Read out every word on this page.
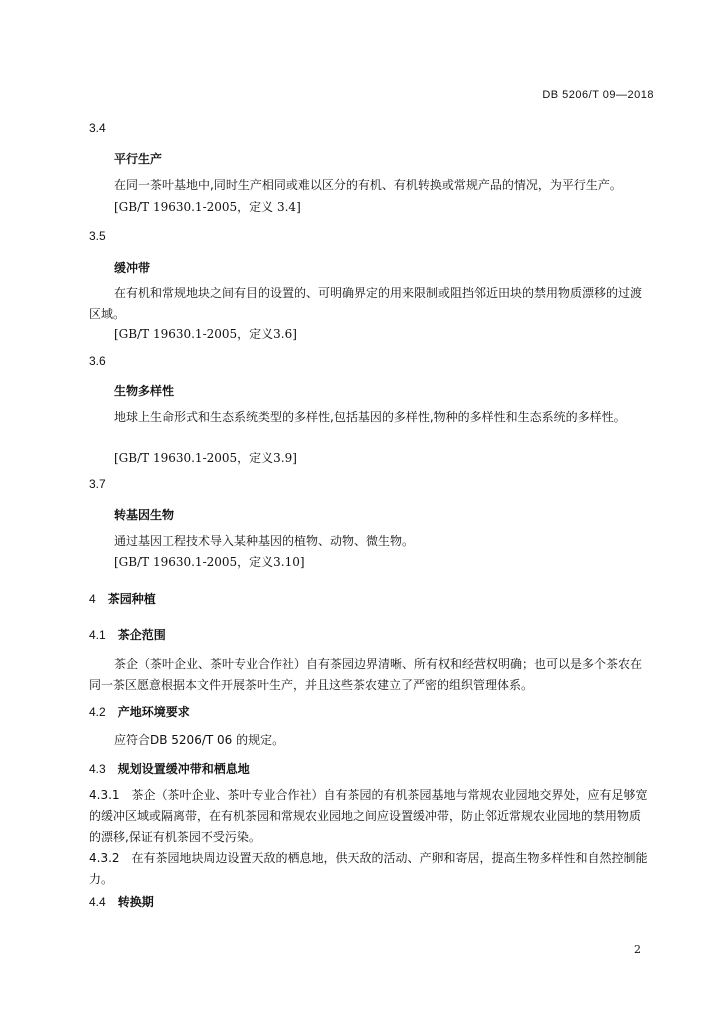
DB 5206/T 09—2018
3.4
平行生产
在同一茶叶基地中,同时生产相同或难以区分的有机、有机转换或常规产品的情况，为平行生产。
[GB/T 19630.1-2005，定义 3.4]
3.5
缓冲带
在有机和常规地块之间有目的设置的、可明确界定的用来限制或阻挡邻近田块的禁用物质漂移的过渡区域。
[GB/T 19630.1-2005，定义3.6]
3.6
生物多样性
地球上生命形式和生态系统类型的多样性,包括基因的多样性,物种的多样性和生态系统的多样性。
[GB/T 19630.1-2005，定义3.9]
3.7
转基因生物
通过基因工程技术导入某种基因的植物、动物、微生物。
[GB/T 19630.1-2005，定义3.10]
4 茶园种植
4.1 茶企范围
茶企（茶叶企业、茶叶专业合作社）自有茶园边界清晰、所有权和经营权明确；也可以是多个茶农在同一茶区愿意根据本文件开展茶叶生产，并且这些茶农建立了严密的组织管理体系。
4.2 产地环境要求
应符合DB 5206/T 06 的规定。
4.3 规划设置缓冲带和栖息地
4.3.1　茶企（茶叶企业、茶叶专业合作社）自有茶园的有机茶园基地与常规农业园地交界处，应有足够宽的缓冲区域或隔离带，在有机茶园和常规农业园地之间应设置缓冲带，防止邻近常规农业园地的禁用物质的漂移,保证有机茶园不受污染。
4.3.2　在有茶园地块周边设置天敌的栖息地，供天敌的活动、产卵和寄居，提高生物多样性和自然控制能力。
4.4 转换期
2
